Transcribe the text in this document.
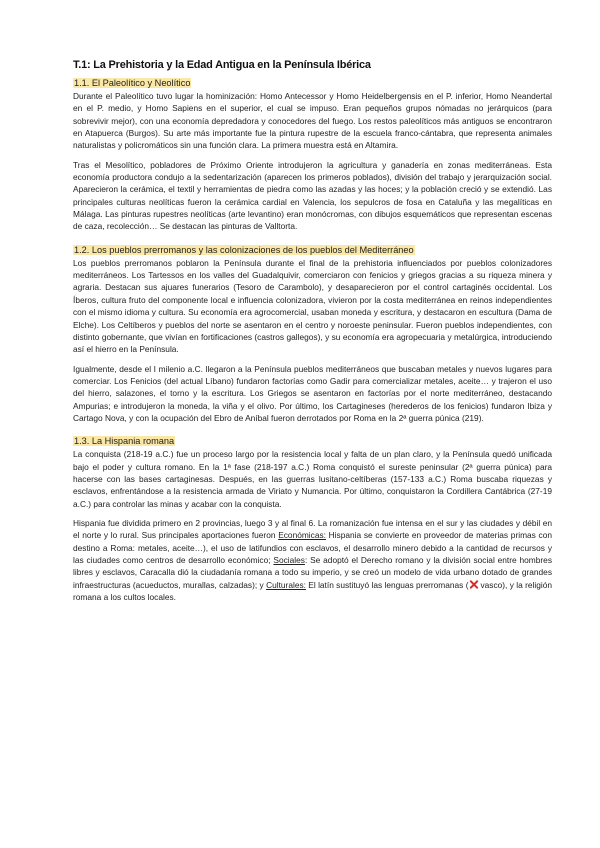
T.1: La Prehistoria y la Edad Antigua en la Península Ibérica
1.1. El Paleolítico y Neolítico

Durante el Paleolítico tuvo lugar la hominización: Homo Antecessor y Homo Heidelbergensis en el P. inferior, Homo Neandertal en el P. medio, y Homo Sapiens en el superior, el cual se impuso. Eran pequeños grupos nómadas no jerárquicos (para sobrevivir mejor), con una economía depredadora y conocedores del fuego. Los restos paleolíticos más antiguos se encontraron en Atapuerca (Burgos). Su arte más importante fue la pintura rupestre de la escuela franco-cántabra, que representa animales naturalistas y policromáticos sin una función clara. La primera muestra está en Altamira.

Tras el Mesolítico, pobladores de Próximo Oriente introdujeron la agricultura y ganadería en zonas mediterráneas. Esta economía productora condujo a la sedentarización (aparecen los primeros poblados), división del trabajo y jerarquización social. Aparecieron la cerámica, el textil y herramientas de piedra como las azadas y las hoces; y la población creció y se extendió. Las principales culturas neolíticas fueron la cerámica cardial en Valencia, los sepulcros de fosa en Cataluña y las megalíticas en Málaga. Las pinturas rupestres neolíticas (arte levantino) eran monócromas, con dibujos esquemáticos que representan escenas de caza, recolección… Se destacan las pinturas de Valltorta.

1.2. Los pueblos prerromanos y las colonizaciones de los pueblos del Mediterráneo

Los pueblos prerromanos poblaron la Península durante el final de la prehistoria influenciados por pueblos colonizadores mediterráneos. Los Tartessos en los valles del Guadalquivir, comerciaron con fenicios y griegos gracias a su riqueza minera y agraria. Destacan sus ajuares funerarios (Tesoro de Carambolo), y desaparecieron por el control cartaginés occidental. Los Íberos, cultura fruto del componente local e influencia colonizadora, vivieron por la costa mediterránea en reinos independientes con el mismo idioma y cultura. Su economía era agrocomercial, usaban moneda y escritura, y destacaron en escultura (Dama de Elche). Los Celtíberos y pueblos del norte se asentaron en el centro y noroeste peninsular. Fueron pueblos independientes, con distinto gobernante, que vivían en fortificaciones (castros gallegos), y su economía era agropecuaria y metalúrgica, introduciendo así el hierro en la Península.

Igualmente, desde el I milenio a.C. llegaron a la Península pueblos mediterráneos que buscaban metales y nuevos lugares para comerciar. Los Fenicios (del actual Líbano) fundaron factorías como Gadir para comercializar metales, aceite… y trajeron el uso del hierro, salazones, el torno y la escritura. Los Griegos se asentaron en factorías por el norte mediterráneo, destacando Ampurias; e introdujeron la moneda, la viña y el olivo. Por último, los Cartagineses (herederos de los fenicios) fundaron Ibiza y Cartago Nova, y con la ocupación del Ebro de Aníbal fueron derrotados por Roma en la 2ª guerra púnica (219).

1.3. La Hispania romana

La conquista (218-19 a.C.) fue un proceso largo por la resistencia local y falta de un plan claro, y la Península quedó unificada bajo el poder y cultura romano. En la 1ª fase (218-197 a.C.) Roma conquistó el sureste peninsular (2ª guerra púnica) para hacerse con las bases cartaginesas. Después, en las guerras lusitano-celtíberas (157-133 a.C.) Roma buscaba riquezas y esclavos, enfrentándose a la resistencia armada de Viriato y Numancia. Por último, conquistaron la Cordillera Cantábrica (27-19 a.C.) para controlar las minas y acabar con la conquista.

Hispania fue dividida primero en 2 provincias, luego 3 y al final 6. La romanización fue intensa en el sur y las ciudades y débil en el norte y lo rural. Sus principales aportaciones fueron Económicas: Hispania se convierte en proveedor de materias primas con destino a Roma: metales, aceite…), el uso de latifundios con esclavos, el desarrollo minero debido a la cantidad de recursos y las ciudades como centros de desarrollo económico; Sociales: Se adoptó el Derecho romano y la división social entre hombres libres y esclavos, Caracalla dió la ciudadanía romana a todo su imperio, y se creó un modelo de vida urbano dotado de grandes infraestructuras (acueductos, murallas, calzadas); y Culturales: El latín sustituyó las lenguas prerromanas ( vasco), y la religión romana a los cultos locales.
